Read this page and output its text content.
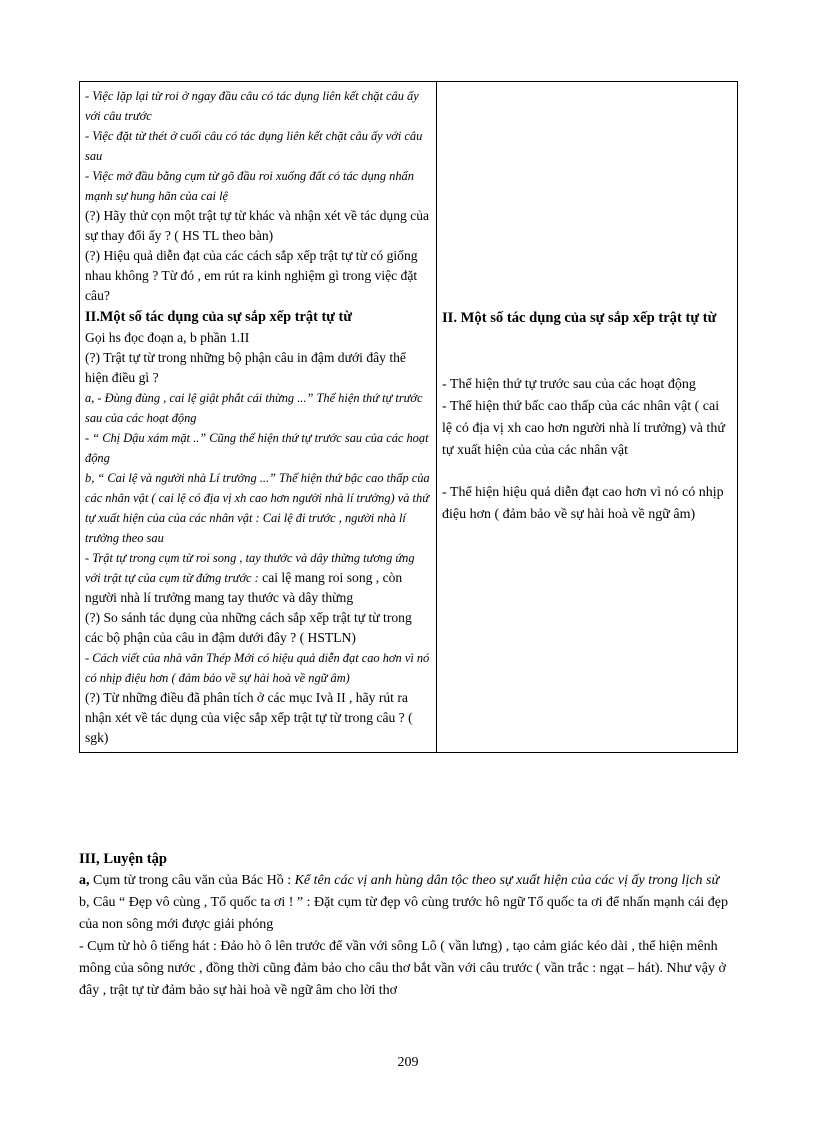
- Việc lặp lại từ roi ở ngay đầu câu có tác dụng liên kết chặt câu ấy với câu trước
- Việc đặt từ thét ở cuối câu có tác dụng liên kết chặt câu ấy với câu sau
- Việc mở đầu bằng cụm từ gõ đầu roi xuống đất có tác dụng nhấn mạnh sự hung hãn của cai lệ
(?) Hãy thử cọn một trật tự từ khác và nhận xét về tác dụng của sự thay đổi ấy ? ( HS TL theo bàn)
(?) Hiệu quả diễn đạt của các cách sắp xếp trật tự từ có giống nhau không ? Từ đó , em rút ra kinh nghiệm gì trong việc đặt câu?
II.Một số tác dụng của sự sắp xếp trật tự từ
Gọi hs đọc đoạn a, b phần 1.II
(?) Trật tự từ trong những bộ phận câu in đậm dưới đây thể hiện điều gì ?
a, - Đùng đùng , cai lệ giật phắt cái thừng ...” Thể hiện thứ tự trước sau của các hoạt động
- “ Chị Dậu xám mặt ..” Cũng thể hiện thứ tự trước sau của các hoạt động
b, “ Cai lệ và người nhà Lí trưởng ...” Thể hiện thứ bậc cao thấp của các nhân vật ( cai lệ có địa vị xh cao hơn người nhà lí trưởng) và thứ tự xuất hiện của của các nhân vật : Cai lệ đi trước , người nhà lí trưởng theo sau
- Trật tự trong cụm từ roi song , tay thước và dây thừng tương ứng với trật tự của cụm từ đứng trước : cai lệ mang roi song , còn người nhà lí trưởng mang tay thước và dây thừng
(?) So sánh tác dụng của những cách sắp xếp trật tự từ trong các bộ phận của câu in đậm dưới đây ? ( HSTLN)
- Cách viết của nhà văn Thép Mới có hiệu quả diễn đạt cao hơn vì nó có nhịp điệu hơn ( đảm bảo về sự hài hoà về ngữ âm)
(?) Từ những điều đã phân tích ở các mục Ivà II , hãy rút ra nhận xét về tác dụng của việc sắp xếp trật tự từ trong câu ? ( sgk)

II. Một số tác dụng của sự sắp xếp trật tự từ

- Thể hiện thứ tự trước sau của các hoạt động

- Thể hiện thứ bấc cao thấp của các nhân vật ( cai lệ có địa vị xh cao hơn người nhà lí trưởng) và thứ tự xuất hiện của của các nhân vật

- Thể hiện hiệu quả diễn đạt cao hơn vì nó có nhịp điệu hơn ( đảm bảo về sự hài hoà về ngữ âm)

III, Luyện tập

a, Cụm từ trong câu văn của Bác Hồ : Kể tên các vị anh hùng dân tộc theo sự xuất hiện của các vị ấy trong lịch sử

b, Câu “ Đẹp vô cùng , Tổ quốc ta ơi ! ” : Đặt cụm từ đẹp vô cùng trước hô ngữ Tổ quốc ta ơi để nhấn mạnh cái đẹp của non sông mới được giải phóng

- Cụm từ hò ô tiếng hát : Đảo hò ô lên trước để vần với sông Lô ( vần lưng) , tạo cảm giác kéo dài , thể hiện mênh mông của sông nước , đồng thời cũng đảm bảo cho câu thơ bắt vần với câu trước ( vần trắc : ngạt – hát). Như vậy ở đây , trật tự từ đảm bảo sự hài hoà về ngữ âm cho lời thơ

209
